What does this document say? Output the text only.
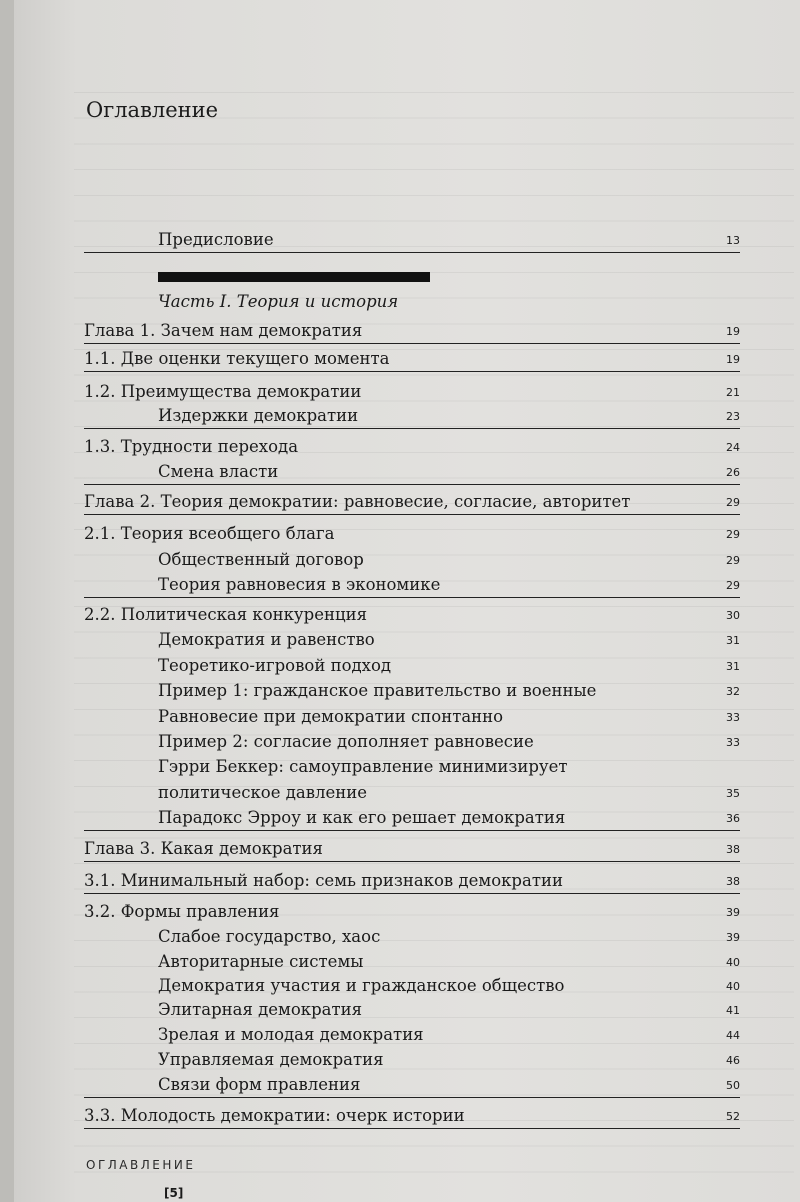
Оглавление
Предисловие	13
Часть I. Теория и история
Глава 1. Зачем нам демократия	19
1.1. Две оценки текущего момента	19
1.2. Преимущества демократии	21
Издержки демократии	23
1.3. Трудности перехода	24
Смена власти	26
Глава 2. Теория демократии: равновесие, согласие, авторитет	29
2.1. Теория всеобщего блага	29
Общественный договор	29
Теория равновесия в экономике	29
2.2. Политическая конкуренция	30
Демократия и равенство	31
Теоретико-игровой подход	31
Пример 1: гражданское правительство и военные	32
Равновесие при демократии спонтанно	33
Пример 2: согласие дополняет равновесие	33
Гэрри Беккер: самоуправление минимизирует
политическое давление	35
Парадокс Эрроу и как его решает демократия	36
Глава 3. Какая демократия	38
3.1. Минимальный набор: семь признаков демократии	38
3.2. Формы правления	39
Слабое государство, хаос	39
Авторитарные системы	40
Демократия участия и гражданское общество	40
Элитарная демократия	41
Зрелая и молодая демократия	44
Управляемая демократия	46
Связи форм правления	50
3.3. Молодость демократии: очерк истории	52
ОГЛАВЛЕНИЕ
[5]
